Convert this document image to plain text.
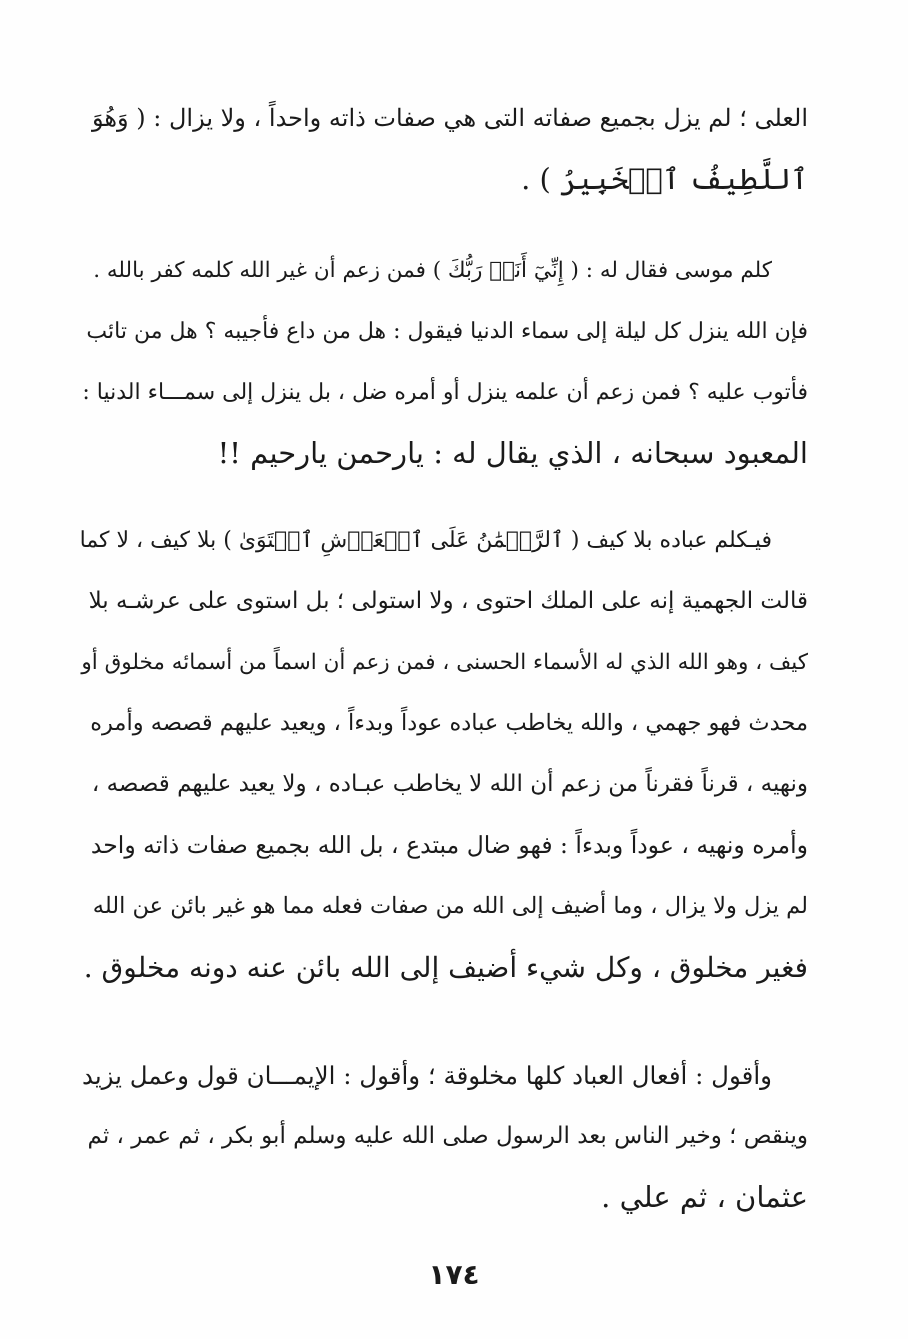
العلى ؛ لم يزل بجميع صفاته التى هي صفات ذاته واحداً ، ولا يزال : ( وَهُوَ
ٱللَّطِيفُ ٱلۡخَبِيرُ ) .
كلم موسى فقال له : ( إِنِّيٓ أَنَا۠ رَبُّكَ ) فمن زعم أن غير الله كلمه كفر بالله .
فإن الله ينزل كل ليلة إلى سماء الدنيا فيقول : هل من داع فأجيبه ؟ هل من تائب
فأتوب عليه ؟ فمن زعم أن علمه ينزل أو أمره ضل ، بل ينزل إلى سمـــاء الدنيا :
المعبود سبحانه ، الذي يقال له : يارحمن يارحيم !!
فيـكلم عباده بلا كيف ( ٱلرَّحۡمَٰنُ عَلَى ٱلۡعَرۡشِ ٱسۡتَوَىٰ ) بلا كيف ، لا كما
قالت الجهمية إنه على الملك احتوى ، ولا استولى ؛ بل استوى على عرشـه بلا
كيف ، وهو الله الذي له الأسماء الحسنى ، فمن زعم أن اسماً من أسمائه مخلوق أو
محدث فهو جهمي ، والله يخاطب عباده عوداً وبدءاً ، ويعيد عليهم قصصه وأمره
ونهيه ، قرناً فقرناً من زعم أن الله لا يخاطب عبـاده ، ولا يعيد عليهم قصصه ،
وأمره ونهيه ، عوداً وبدءاً : فهو ضال مبتدع ، بل الله بجميع صفات ذاته واحد
لم يزل ولا يزال ، وما أضيف إلى الله من صفات فعله مما هو غير بائن عن الله
فغير مخلوق ، وكل شيء أضيف إلى الله بائن عنه دونه مخلوق .
وأقول : أفعال العباد كلها مخلوقة ؛ وأقول : الإيمـــان قول وعمل يزيد
وينقص ؛ وخير الناس بعد الرسول صلى الله عليه وسلم أبو بكر ، ثم عمر ، ثم
عثمان ، ثم علي .
١٧٤
